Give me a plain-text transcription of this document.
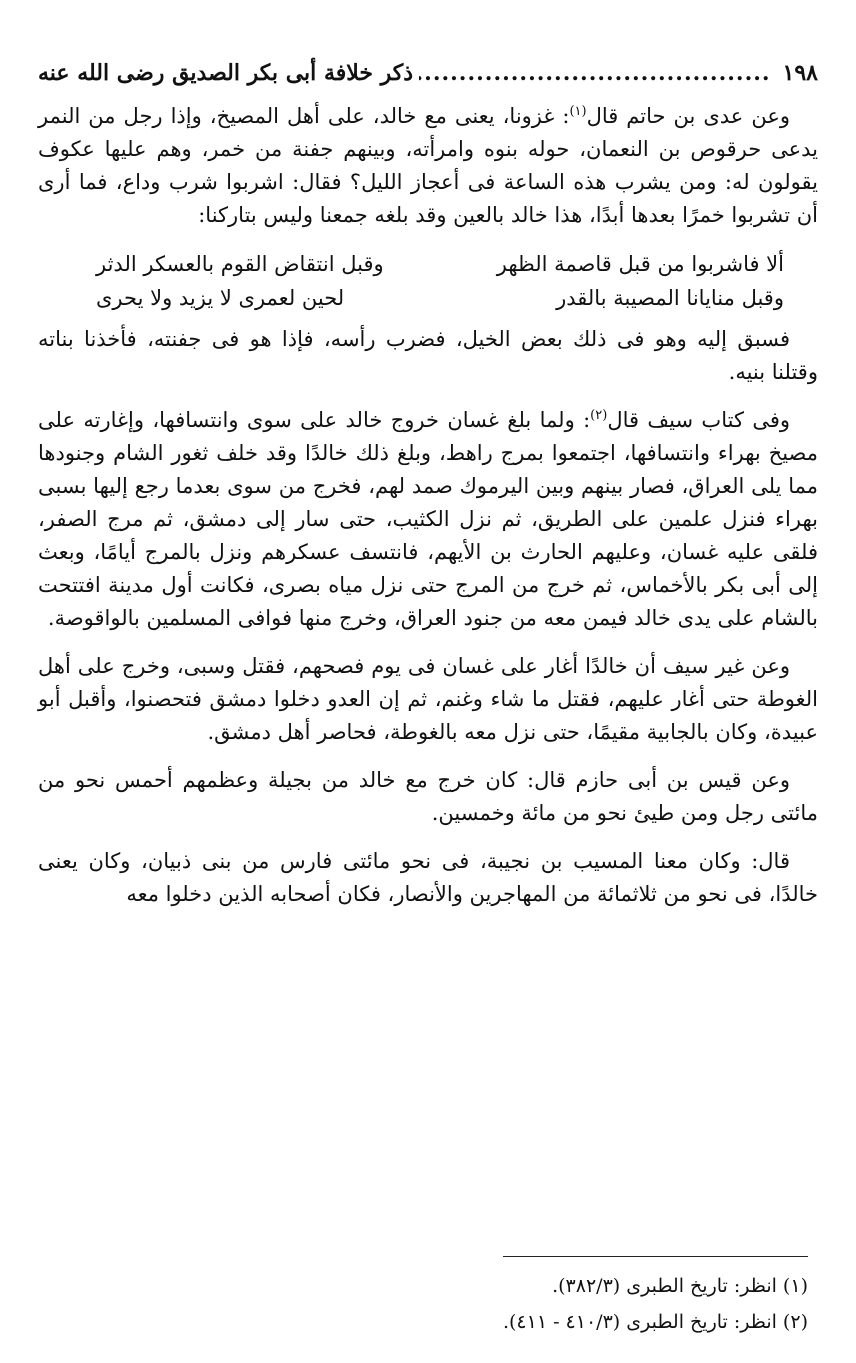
١٩٨
.....
ذكر خلافة أبى بكر الصديق رضى الله عنه

وعن عدى بن حاتم قال$^{(١)}$: غزونا، يعنى مع خالد، على أهل المصيخ، وإذا رجل من النمر يدعى حرقوص بن النعمان، حوله بنوه وامرأته، وبينهم جفنة من خمر، وهم عليها عكوف يقولون له: ومن يشرب هذه الساعة فى أعجاز الليل؟ فقال: اشربوا شرب وداع، فما أرى أن تشربوا خمرًا بعدها أبدًا، هذا خالد بالعين وقد بلغه جمعنا وليس بتاركنا:

ألا فاشربوا من قبل قاصمة الظهر
وقبل انتقاض القوم بالعسكر الدثر
وقبل منايانا المصيبة بالقدر
لحين لعمرى لا يزيد ولا يحرى

فسبق إليه وهو فى ذلك بعض الخيل، فضرب رأسه، فإذا هو فى جفنته، فأخذنا بناته وقتلنا بنيه.

وفى كتاب سيف قال$^{(٢)}$: ولما بلغ غسان خروج خالد على سوى وانتسافها، وإغارته على مصيخ بهراء وانتسافها، اجتمعوا بمرج راهط، وبلغ ذلك خالدًا وقد خلف ثغور الشام وجنودها مما يلى العراق، فصار بينهم وبين اليرموك صمد لهم، فخرج من سوى بعدما رجع إليها بسبى بهراء فنزل علمين على الطريق، ثم نزل الكثيب، حتى سار إلى دمشق، ثم مرج الصفر، فلقى عليه غسان، وعليهم الحارث بن الأيهم، فانتسف عسكرهم ونزل بالمرج أيامًا، وبعث إلى أبى بكر بالأخماس، ثم خرج من المرج حتى نزل مياه بصرى، فكانت أول مدينة افتتحت بالشام على يدى خالد فيمن معه من جنود العراق، وخرج منها فوافى المسلمين بالواقوصة.

وعن غير سيف أن خالدًا أغار على غسان فى يوم فصحهم، فقتل وسبى، وخرج على أهل الغوطة حتى أغار عليهم، فقتل ما شاء وغنم، ثم إن العدو دخلوا دمشق فتحصنوا، وأقبل أبو عبيدة، وكان بالجابية مقيمًا، حتى نزل معه بالغوطة، فحاصر أهل دمشق.

وعن قيس بن أبى حازم قال: كان خرج مع خالد من بجيلة وعظمهم أحمس نحو من مائتى رجل ومن طيئ نحو من مائة وخمسين.

قال: وكان معنا المسيب بن نجيبة، فى نحو مائتى فارس من بنى ذبيان، وكان يعنى خالدًا، فى نحو من ثلاثمائة من المهاجرين والأنصار، فكان أصحابه الذين دخلوا معه

(١) انظر: تاريخ الطبرى (٣٨٢/٣).
(٢) انظر: تاريخ الطبرى (٤١٠/٣ - ٤١١).
